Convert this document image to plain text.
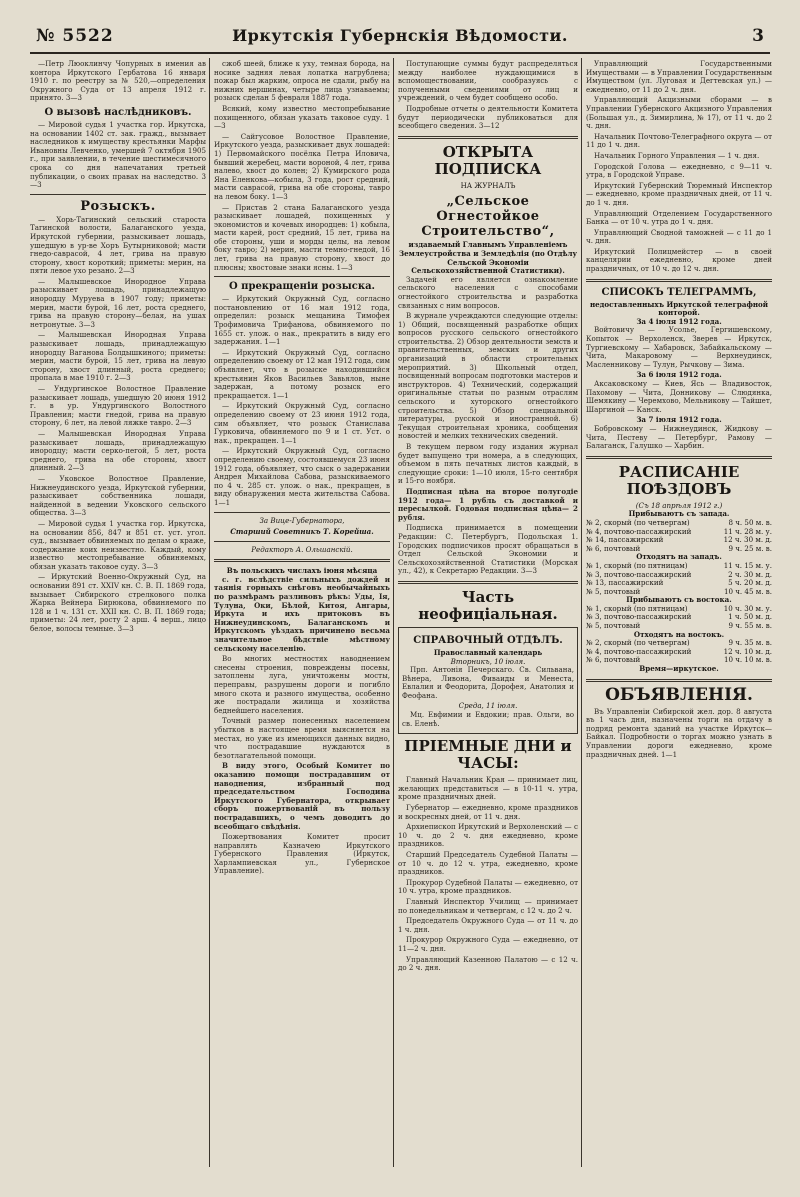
№ 5522	Иркутскія Губернскія Вѣдомости.	3

—Петр Люоклинчу Чопурных в имения ав контора Иркутского Гербатова 16 января 1910 г. по реестру за № 520,—определения Окружного Суда от 13 апреля 1912 г. принято. 3—3

О вызовѣ наслѣдниковъ.

— Мировой судья 1 участка гор. Иркутска, на основании 1402 ст. зак. гражд., вызывает наследников к имуществу крестьянки Марфы Ивановны Левченко, умершей 7 октября 1905 г., при заявлении, в течение шестимесячного срока со дня напечатания третьей публикации, о своих правах на наследство. 3—3

Розыскъ.

— Хорь-Тагинский сельский староста Тагинской волости, Балаганского уезда, Иркутской губернии, разыскивает лошадь, ушедшую в ур-ве Хоръ Бутырниковой; масти гнедо-саврасой, 4 лет, грива на правую сторону, хвост короткий; приметы: мерин, на пяти левое ухо резано. 2—3

— Малышевское Инородное Управа разыскивает лошадь, принадлежащую инородцу Муруева в 1907 году; приметы: мерин, масти бурой, 16 лет, роста среднего, грива на правую сторону—белая, на ушах нетронутые. 3—3

— Малышевская Инородная Управа разыскивает лошадь, принадлежащую инородцу Ваганова Болдышкиного; приметы: мерин, масти бурой, 15 лет, грива на левую сторону, хвост длинный, роста среднего; пропала в мае 1910 г. 2—3

— Ундургинское Волостное Правление разыскивает лошадь, ушедшую 20 июня 1912 г. в ур. Ундургинского Волостного Правления; масти гнедой, грива на правую сторону, 6 лет, на левой ляжке тавро. 2—3

— Малышевская Инородная Управа разыскивает лошадь, принадлежащую инородцу; масти серко-пегой, 5 лет, роста среднего, грива на обе стороны, хвост длинный. 2—3

— Уковское Волостное Правление, Нижнеудинского уезда, Иркутской губернии, разыскивает собственника лошади, найденной в ведении Уковского сельского общества. 3—3

— Мировой судья 1 участка гор. Иркутска, на основании 856, 847 и 851 ст. уст. угол. суд., вызывает обвиняемых по делам о краже, содержание коих неизвестно. Каждый, кому известно местопребывание обвиняемых, обязан указать таковое суду. 3—3

— Иркутский Военно-Окружный Суд, на основании 891 ст. XXIV кн. С. В. П. 1869 года, вызывает Сибирского стрелкового полка Жарка Вейнера Бирюкова, обвиняемого по 128 и 1 ч. 131 ст. XXII кн. С. В. П. 1869 года; приметы: 24 лет, росту 2 арш. 4 верш., лицо белое, волосы темные. 3—3

сжоб шеей, ближе к уху, темная борода, на носике задняя левая лопатка нагрублена; пожар был жарким, опроса не сдали, рыбу на нижних вершинах, четыре лица узнаваемы; розыск сделан 5 февраля 1887 года.

Всякий, кому известно местопребывание похищенного, обязан указать таковое суду. 1—3

— Сайгусовое Волостное Правление, Иркутского уезда, разыскивает двух лошадей: 1) Первомайского посёлка Петра Иловича, бывший жеребец, масти вороной, 4 лет, грива налево, хвост до колен; 2) Кумирского рода Яна Еленкова—кобыла, 3 года, рост средний, масти саврасой, грива на обе стороны, тавро на левом боку. 1—3

— Пристав 2 стана Балаганского уезда разыскивает лошадей, похищенных у экономистов и кочевых инородцев: 1) кобыла, масти карей, рост средний, 15 лет, грива на обе стороны, уши и морды целы, на левом боку тавро; 2) мерин, масти темно-гнедой, 16 лет, грива на правую сторону, хвост до плюсны; хвостовые знаки ясны. 1—3

О прекращеніи розыска.

— Иркутский Окружный Суд, согласно постановлению от 16 мая 1912 года, определил: розыск мещанина Тимофея Трофимовича Трифанова, обвиняемого по 1655 ст. улож. о нак., прекратить в виду его задержания. 1—1

— Иркутский Окружный Суд, согласно определению своему от 12 мая 1912 года, сим объявляет, что в розыске находившийся крестьянин Яков Васильев Завьялов, ныне задержан, а потому розыск его прекращается. 1—1

— Иркутский Окружный Суд, согласно определению своему от 23 июня 1912 года, сим объявляет, что розыск Станислава Гурковича, обвиняемого по 9 и 1 ст. Уст. о нак., прекращен. 1—1

— Иркутский Окружный Суд, согласно определению своему, состоявшемуся 23 июня 1912 года, объявляет, что сыск о задержании Андрея Михайлова Сабова, разыскиваемого по 4 ч. 285 ст. улож. о нак., прекращен, в виду обнаружения места жительства Сабова. 1—1

За Вице-Губернатора,
Старший Советникъ Т. Корейша.
Редакторъ А. Ольшанскій.
Въ польскихъ числахъ іюня мѣсяца

с. г. вслѣдствіе сильныхъ дождей и таянія горныхъ снѣговъ необычайныхъ по размѣрамъ разливовъ рѣкъ: Уды, Ія, Тулуна, Оки, Бѣлой, Китоя, Ангары, Иркута и ихъ притоковъ въ Нижнеудинскомъ, Балаганскомъ и Иркутскомъ уѣздахъ причинено весьма значительное бѣдствіе мѣстному сельскому населенію.

Во многих местностях наводнением снесены строения, повреждены посевы, затоплены луга, уничтожены мосты, переправы, разрушены дороги и погибло много скота и разного имущества, особенно же пострадали жилища и хозяйства беднейшего населения.

Точный размер понесенных населением убытков в настоящее время выясняется на местах, но уже из имеющихся данных видно, что пострадавшие нуждаются в безотлагательной помощи.

В виду этого, Особый Комитет по оказанию помощи пострадавшим от наводнения, избранный под председательством Господина Иркутского Губернатора, открывает сборъ пожертвованій въ пользу пострадавшихъ, о чемъ доводитъ до всеобщаго свѣдѣнія.

Пожертвования Комитет просит направлять Казначею Иркутского Губернского Правления (Иркутск, Харлампиевская ул., Губернское Управление).

Поступающие суммы будут распределяться между наиболее нуждающимися в вспомоществовании, сообразуясь с полученными сведениями от лиц и учреждений, о чем будет сообщено особо.

Подробные отчеты о деятельности Комитета будут периодически публиковаться для всеобщего сведения. 3—12

ОТКРЫТА ПОДПИСКА
НА ЖУРНАЛЪ
„Сельское Огнестойкое Строительство“,
издаваемый Главнымъ Управленіемъ Землеустройства и Земледѣлія (по Отдѣлу Сельской Экономіи Сельскохозяйственной Статистики).

Задачей его является ознакомление сельского населения с способами огнестойкого строительства и разработка связанных с ним вопросов.

В журнале учреждаются следующие отделы: 1) Общий, посвященный разработке общих вопросов русского сельского огнестойкого строительства. 2) Обзор деятельности земств и правительственных, земских и других организаций в области строительных мероприятий. 3) Школьный отдел, посвященный вопросам подготовки мастеров и инструкторов. 4) Технический, содержащий оригинальные статьи по разным отраслям сельского и хуторского огнестойкого строительства. 5) Обзор специальной литературы, русской и иностранной. 6) Текущая строительная хроника, сообщения новостей и мелких технических сведений.

В текущем первом году издания журнал будет выпущено три номера, а в следующих, объемом в пять печатных листов каждый, в следующие сроки: 1—10 июля, 15-го сентября и 15-го ноября.

Подписная цѣна на второе полугодіе 1912 года— 1 рубль съ доставкой и пересылкой. Годовая подписная цѣна— 2 рубля.

Подписка принимается в помещении Редакции: С. Петербургъ, Подольская 1. Городских подписчиков просят обращаться в Отдел Сельской Экономии и Сельскохозяйственной Статистики (Морская ул., 42), к Секретарю Редакции. 3—3

Часть неофиціальная.
СПРАВОЧНЫЙ ОТДѢЛЪ.
Православный календарь
Вторникъ, 10 іюля.

Прп. Антонія Печерскаго. Св. Сильвана, Вѣнера, Ливона, Фиваиды и Менеста, Евлалия и Феодорита, Дорофея, Анатолия и Феофана.

Среда, 11 іюля.

Мц. Евфимии и Евдокии; прав. Ольги, во св. Еленѣ.

ПРІЕМНЫЕ ДНИ и ЧАСЫ:

Главный Начальник Края — принимает лиц, желающих представиться — в 10-11 ч. утра, кроме праздничных дней.

Губернатор — ежедневно, кроме праздников и воскресных дней, от 11 ч. дня.

Архиепископ Иркутский и Верхоленский — с 10 ч. до 2 ч. дня ежедневно, кроме праздников.

Старший Председатель Судебной Палаты — от 10 ч. до 12 ч. утра, ежедневно, кроме праздников.

Прокурор Судебной Палаты — ежедневно, от 10 ч. утра, кроме праздников.

Главный Инспектор Училищ — принимает по понедельникам и четвергам, с 12 ч. до 2 ч.

Председатель Окружного Суда — от 11 ч. до 1 ч. дня.

Прокурор Окружного Суда — ежедневно, от 11—2 ч. дня.

Управляющий Казенною Палатою — с 12 ч. до 2 ч. дня.

Управляющий Государственными Имуществами — в Управлении Государственным Имуществом (ул. Луговая и Дегтевская ул.) — ежедневно, от 11 до 2 ч. дня.

Управляющий Акцизными сборами — в Управлении Губернского Акцизного Управления (Большая ул., д. Зимирлина, № 17), от 11 ч. до 2 ч. дня.

Начальник Почтово-Телеграфного округа — от 11 до 1 ч. дня.

Начальник Горного Управления — 1 ч. дня.

Городской Голова — ежедневно, с 9—11 ч. утра, в Городской Управе.

Иркутский Губернский Тюремный Инспектор — ежедневно, кроме праздничных дней, от 11 ч. до 1 ч. дня.

Управляющий Отделением Государственного Банка — от 10 ч. утра до 1 ч. дня.

Управляющий Сводной таможней — с 11 до 1 ч. дня.

Иркутский Полицмейстер — в своей канцелярии ежедневно, кроме дней праздничных, от 10 ч. до 12 ч. дня.

СПИСОКЪ ТЕЛЕГРАММЪ,
недоставленныхъ Иркутской телеграфной конторой.
За 4 іюля 1912 года.

Войтовичу — Усолье, Гергишевскому, Копыток — Верхоленск, Зверев — Иркутск, Тургиевскому — Хабаровск, Забайкальскому — Чита, Макаровому — Верхнеудинск, Масленникову — Тулун, Рычкову — Зима.

За 6 іюля 1912 года.

Аксаковскому — Киев, Ясь — Владивосток, Пахомову — Чита, Донникову — Слюдянка, Шемякину — Черемхово, Мельникову — Тайшет, Шаргиной — Канск.

За 7 іюля 1912 года.

Бобровскому — Нижнеудинск, Жидкову — Чита, Пестеву — Петербург, Рамову — Балаганск, Галушко — Харбин.

РАСПИСАНІЕ ПОѢЗДОВЪ
(Съ 18 апрѣля 1912 г.)
Прибываютъ съ запада.
№ 2, скорый (по четвергам)	8 ч. 50 м. в.
№ 4, почтово-пассажирский	11 ч. 28 м. у.
№ 14, пассажирский	12 ч. 30 м. д.
№ 6, почтовый	9 ч. 25 м. в.
Отходятъ на западъ.
№ 1, скорый (по пятницам)	11 ч. 15 м. у.
№ 3, почтово-пассажирский	2 ч. 30 м. д.
№ 13, пассажирский	5 ч. 20 м. д.
№ 5, почтовый	10 ч. 45 м. в.
Прибываютъ съ востока.
№ 1, скорый (по пятницам)	10 ч. 30 м. у.
№ 3, почтово-пассажирский	1 ч. 50 м. д.
№ 5, почтовый	9 ч. 55 м. в.
Отходятъ на востокъ.
№ 2, скорый (по четвергам)	9 ч. 35 м. в.
№ 4, почтово-пассажирский	12 ч. 10 м. д.
№ 6, почтовый	10 ч. 10 м. в.
Время—иркутское.
ОБЪЯВЛЕНІЯ.

Въ Управленіи Сибирской жел. дор. 8 августа въ 1 часъ дня, назначены торги на отдачу в подряд ремонта зданий на участке Иркутск—Байкал. Подробности о торгах можно узнать в Управлении дороги ежедневно, кроме праздничных дней. 1—1
